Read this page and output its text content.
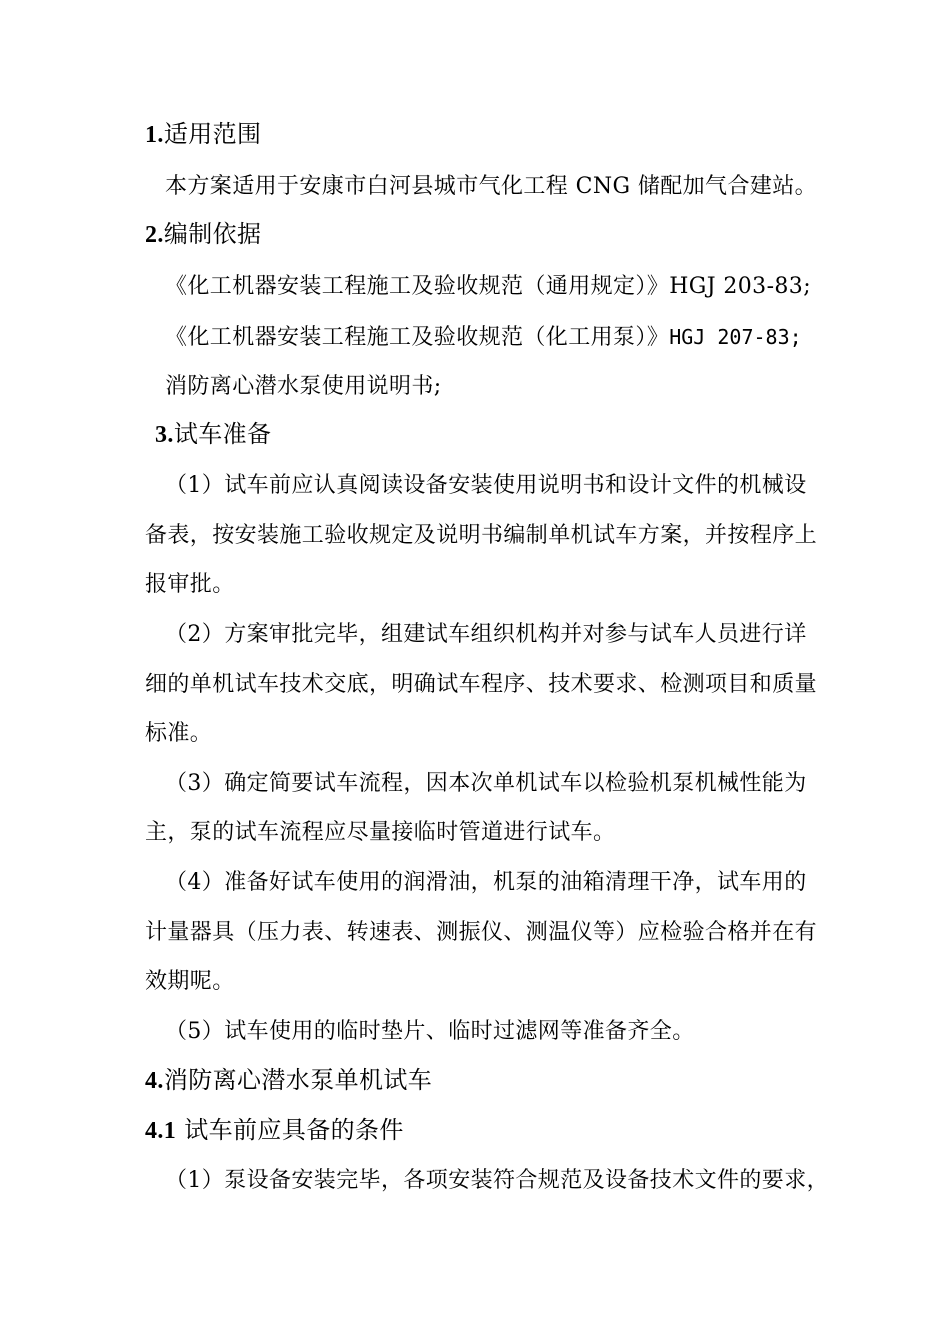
1.适用范围
本方案适用于安康市白河县城市气化工程 CNG 储配加气合建站。
2.编制依据
《化工机器安装工程施工及验收规范（通用规定）》HGJ 203-83;
《化工机器安装工程施工及验收规范（化工用泵）》HGJ 207-83;
消防离心潜水泵使用说明书;
3.试车准备
（1）试车前应认真阅读设备安装使用说明书和设计文件的机械设
备表，按安装施工验收规定及说明书编制单机试车方案，并按程序上
报审批。
（2）方案审批完毕，组建试车组织机构并对参与试车人员进行详
细的单机试车技术交底，明确试车程序、技术要求、检测项目和质量
标准。
（3）确定简要试车流程，因本次单机试车以检验机泵机械性能为
主，泵的试车流程应尽量接临时管道进行试车。
（4）准备好试车使用的润滑油，机泵的油箱清理干净，试车用的
计量器具（压力表、转速表、测振仪、测温仪等）应检验合格并在有
效期呢。
（5）试车使用的临时垫片、临时过滤网等准备齐全。
4.消防离心潜水泵单机试车
4.1 试车前应具备的条件
（1）泵设备安装完毕，各项安装符合规范及设备技术文件的要求，
